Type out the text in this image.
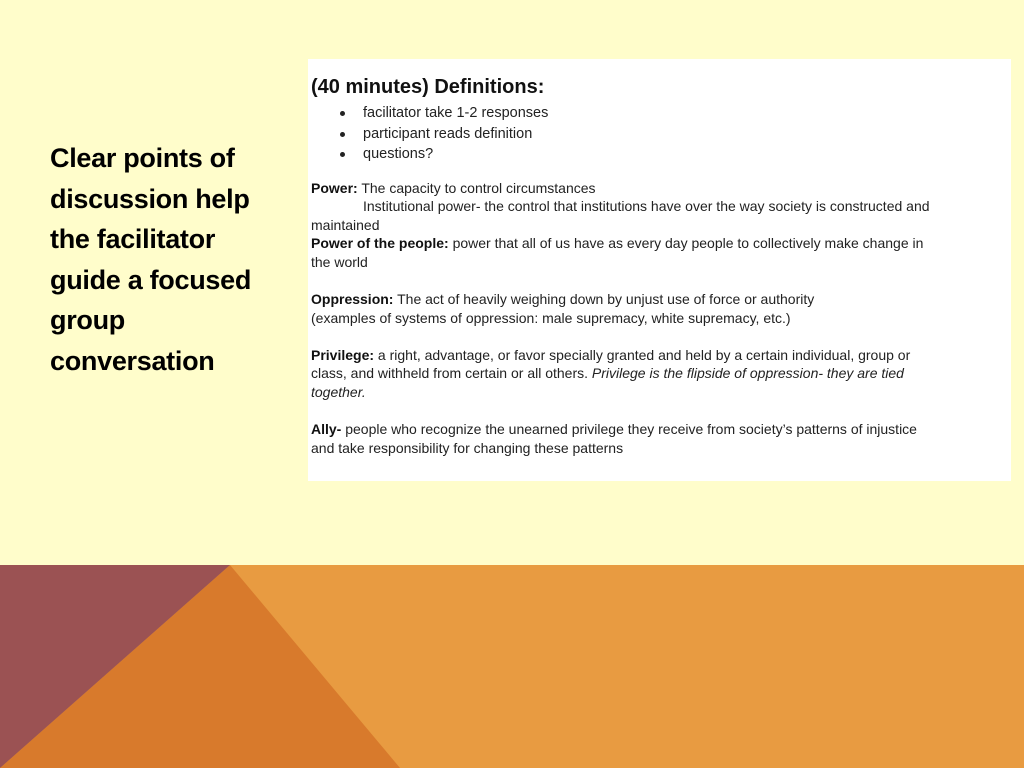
Clear points of
discussion help
the facilitator
guide a focused
group
conversation
(40 minutes) Definitions:
facilitator take 1-2 responses
participant reads definition
questions?

Power: The capacity to control circumstances

Institutional power- the control that institutions have over the way society is constructed and

maintained

Power of the people: power that all of us have as every day people to collectively make change in

the world

Oppression: The act of heavily weighing down by unjust use of force or authority

(examples of systems of oppression: male supremacy, white supremacy, etc.)

Privilege: a right, advantage, or favor specially granted and held by a certain individual, group or

class, and withheld from certain or all others. Privilege is the flipside of oppression- they are tied

together.

Ally- people who recognize the unearned privilege they receive from society’s patterns of injustice

and take responsibility for changing these patterns
